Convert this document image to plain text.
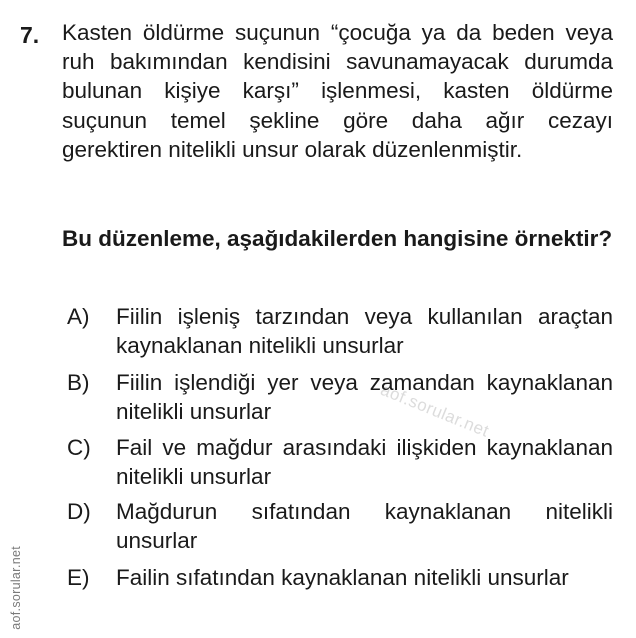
7. Kasten öldürme suçunun “çocuğa ya da beden veya ruh bakımından kendisini savunamayacak durumda bulunan kişiye karşı” işlenmesi, kasten öldürme suçunun temel şekline göre daha ağır cezayı gerektiren nitelikli unsur olarak düzenlenmiştir.

Bu düzenleme, aşağıdakilerden hangisine örnektir?

A) Fiilin işleniş tarzından veya kullanılan araçtan kaynaklanan nitelikli unsurlar
B) Fiilin işlendiği yer veya zamandan kaynaklanan nitelikli unsurlar
C) Fail ve mağdur arasındaki ilişkiden kaynaklanan nitelikli unsurlar
D) Mağdurun sıfatından kaynaklanan nitelikli unsurlar
E) Failin sıfatından kaynaklanan nitelikli unsurlar
aof.sorular.net
aof.sorular.net
